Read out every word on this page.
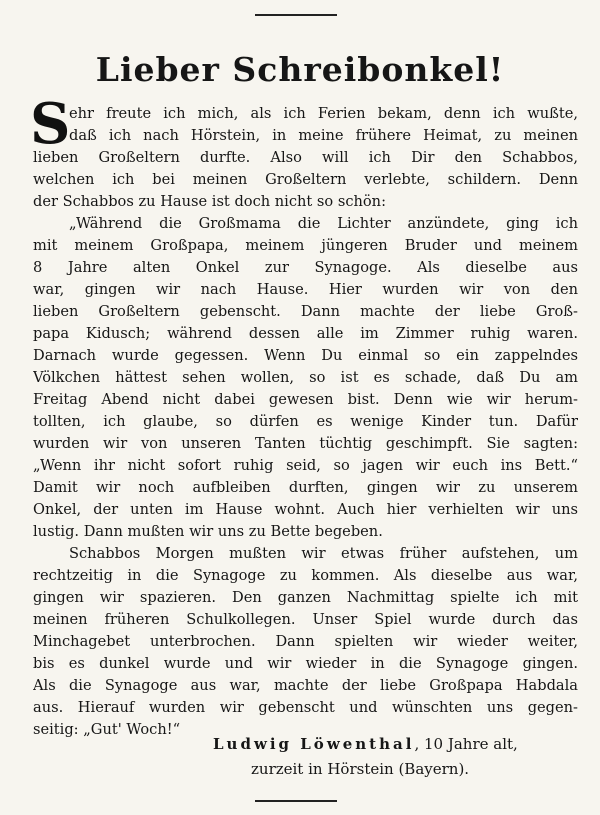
Lieber Schreibonkel!
S
ehr freute ich mich, als ich Ferien bekam, denn ich wußte,
daß ich nach Hörstein, in meine frühere Heimat, zu meinen
lieben Großeltern durfte. Also will ich Dir den Schabbos,
welchen ich bei meinen Großeltern verlebte, schildern. Denn
der Schabbos zu Hause ist doch nicht so schön:
„Während die Großmama die Lichter anzündete, ging ich
mit meinem Großpapa, meinem jüngeren Bruder und meinem
8 Jahre alten Onkel zur Synagoge. Als dieselbe aus
war, gingen wir nach Hause. Hier wurden wir von den
lieben Großeltern gebenscht. Dann machte der liebe Groß-
papa Kidusch; während dessen alle im Zimmer ruhig waren.
Darnach wurde gegessen. Wenn Du einmal so ein zappelndes
Völkchen hättest sehen wollen, so ist es schade, daß Du am
Freitag Abend nicht dabei gewesen bist. Denn wie wir herum-
tollten, ich glaube, so dürfen es wenige Kinder tun. Dafür
wurden wir von unseren Tanten tüchtig geschimpft. Sie sagten:
„Wenn ihr nicht sofort ruhig seid, so jagen wir euch ins Bett.“
Damit wir noch aufbleiben durften, gingen wir zu unserem
Onkel, der unten im Hause wohnt. Auch hier verhielten wir uns
lustig. Dann mußten wir uns zu Bette begeben.
Schabbos Morgen mußten wir etwas früher aufstehen, um
rechtzeitig in die Synagoge zu kommen. Als dieselbe aus war,
gingen wir spazieren. Den ganzen Nachmittag spielte ich mit
meinen früheren Schulkollegen. Unser Spiel wurde durch das
Minchagebet unterbrochen. Dann spielten wir wieder weiter,
bis es dunkel wurde und wir wieder in die Synagoge gingen.
Als die Synagoge aus war, machte der liebe Großpapa Habdala
aus. Hierauf wurden wir gebenscht und wünschten uns gegen-
seitig: „Gut' Woch!“
Ludwig Löwenthal, 10 Jahre alt,
zurzeit in Hörstein (Bayern).
